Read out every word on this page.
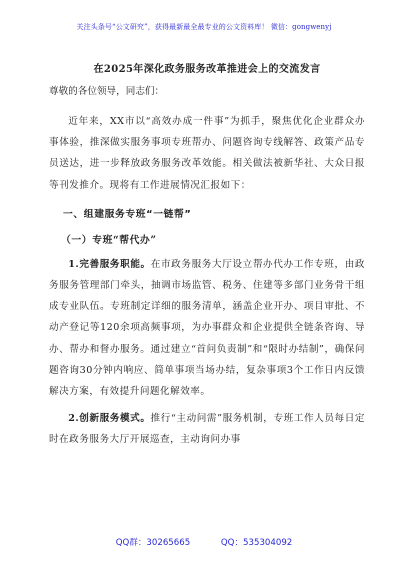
关注头条号“公文研究”，获得最新最全最专业的公文资料库！ 微信：gongwenyj
在2025年深化政务服务改革推进会上的交流发言
尊敬的各位领导，同志们：

近年来，XX市以“高效办成一件事”为抓手，聚焦优化企业群众办事体验，推深做实服务事项专班帮办、问题咨询专线解答、政策产品专员送达，进一步释放政务服务改革效能。相关做法被新华社、大众日报等刊发推介。现将有工作进展情况汇报如下：

一、组建服务专班“一链帮”
（一）专班“帮代办”

1.完善服务职能。在市政务服务大厅设立帮办代办工作专班，由政务服务管理部门牵头，抽调市场监管、税务、住建等多部门业务骨干组成专业队伍。专班制定详细的服务清单，涵盖企业开办、项目审批、不动产登记等120余项高频事项，为办事群众和企业提供全链条咨询、导办、帮办和督办服务。通过建立“首问负责制”和“限时办结制”，确保问题咨询30分钟内响应、简单事项当场办结，复杂事项3个工作日内反馈解决方案，有效提升问题化解效率。

2.创新服务模式。推行“主动问需”服务机制，专班工作人员每日定时在政务服务大厅开展巡查，主动询问办事

QQ群：30265665	QQ：535304092
